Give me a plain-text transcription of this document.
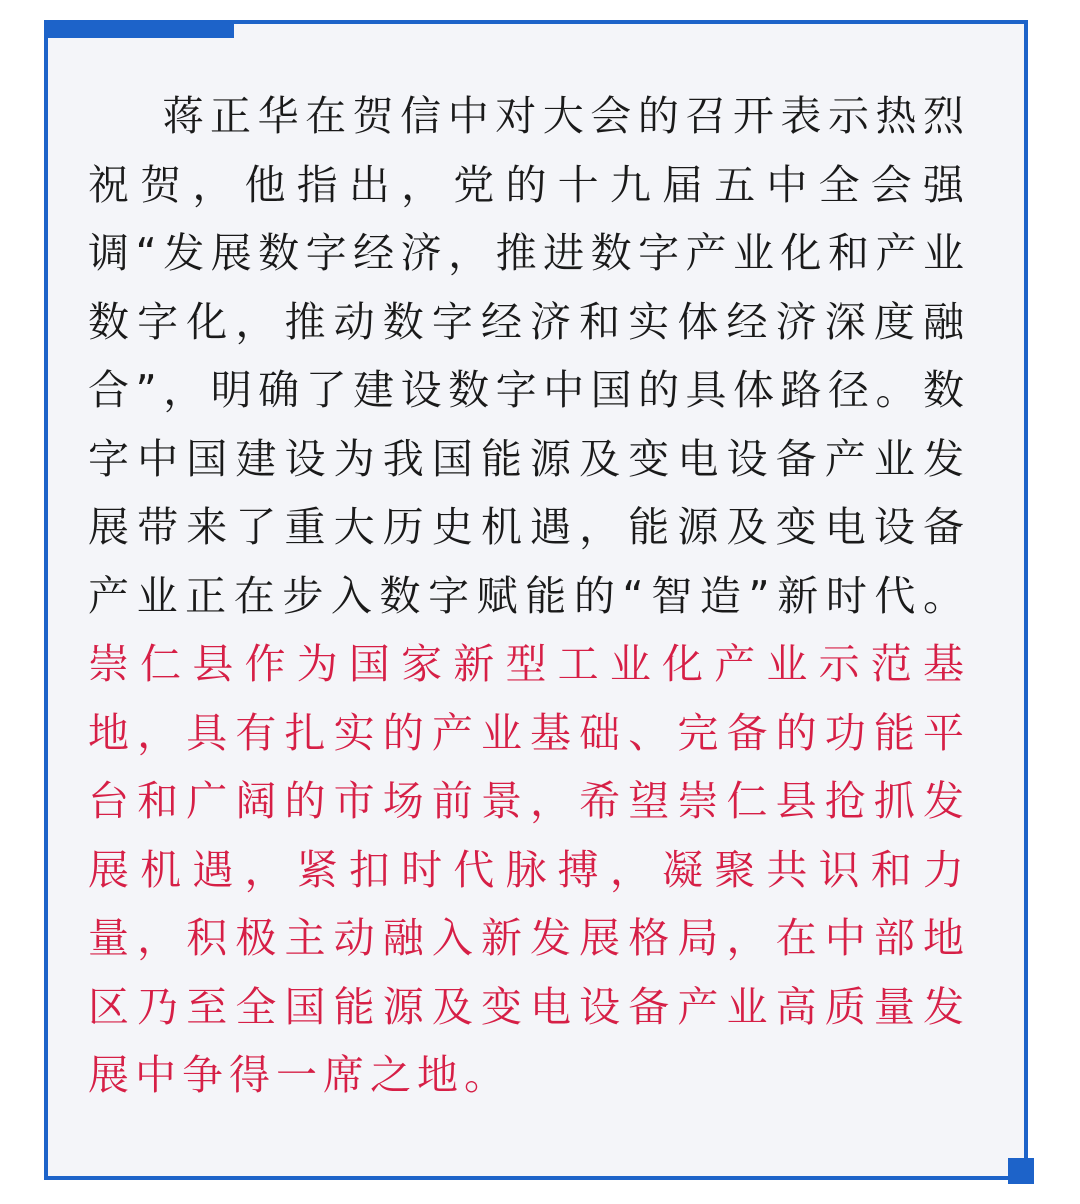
蒋正华在贺信中对大会的召开表示热烈祝贺，他指出，党的十九届五中全会强调“发展数字经济，推进数字产业化和产业数字化，推动数字经济和实体经济深度融合”，明确了建设数字中国的具体路径。数字中国建设为我国能源及变电设备产业发展带来了重大历史机遇，能源及变电设备产业正在步入数字赋能的“智造”新时代。崇仁县作为国家新型工业化产业示范基地，具有扎实的产业基础、完备的功能平台和广阔的市场前景，希望崇仁县抢抓发展机遇，紧扣时代脉搏，凝聚共识和力量，积极主动融入新发展格局，在中部地区乃至全国能源及变电设备产业高质量发展中争得一席之地。
